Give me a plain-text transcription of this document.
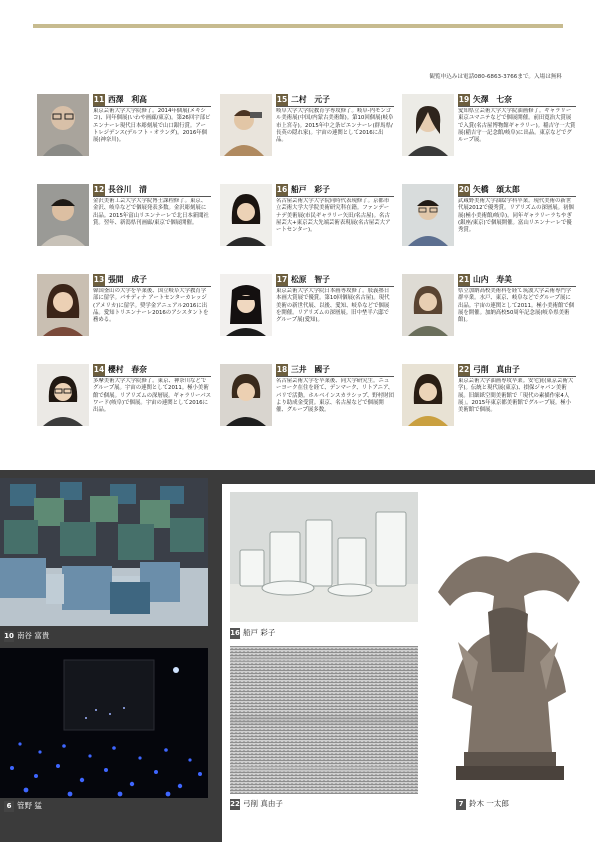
観覧申込みは電話080-6863-3766まで。入場は無料
11 西澤　利高
東京芸術大学大学院修了。2014年個展(メキシコ)、同年個展(いわや画廊/東京)。第26回宇部ビエンナーレ現代日本彫刻展で山口銀行賞。アートレジデンス(デルフト・オランダ)。2016年個展(神奈川)。
15 二村　元子
岐阜大学大学院教育学専攻修了。岐阜-内モンゴル美術展(中国/内蒙古美術館)。第10回個展(岐阜市上宮寺)。2015年中之条ビエンナーレ(群馬県/長英の隠れ家)。宇宙の連関として2016に出品。
19 矢澤　七奈
愛知県立芸術大学大学院油画修了。ギャラリー東京ユマニテなどで個展開催。前田寛治大賞展で入賞(名古屋博物館ギャラリー)。稲吉守一大賞展(稲吉守一記念館/岐阜)に出品。東京などでグループ展。
12 長谷川　清
金沢美術工芸大学大学院博士課程修了。東京、金沢、岐阜などで個展発表多数。金沢彫刻展に出品。2015年富山リエンナーレで北日本新聞社賞。翌年、新潟県刊画廊/東京で個展開催。
16 船戸　彩子
名古屋芸術大学大学院同時代表現修了。京都市立芸術大学大学院美術研究科在籍。ファンデーナデ美術展(市民ギャラリー矢田/名古屋)。名古屋芸大+東京芸大先端芸術表現展(名古屋芸大アートセンター)。
20 矢橋　頌太郎
武蔵野美術大学油絵学科卒業。現代美術の新世代展2012で優秀賞。リアリズムの深層展。初個展(極小美術館/岐阜)。同年ギャラリーラちやぎ(銀座/東京)で個展開催。富山リエンナーレで優秀賞。
13 張間　成子
韓国釜山の大学を卒業後、国立岐阜大学教育学部に留学。パサディナ アートセンターカレッジ(アメリカ)に留学。奨学金アニュアル2016に出品。愛知トリエンナーレ2016のアシスタントを務める。
17 松原　智子
東京芸術大学大学院日本画専攻修了。肢義塾日本画大賞展で優賞。第10回個展(名古屋)。現代美術の新世代展、以後、愛知、岐阜などで個展を開催。リアリズムの深層展。旧中埜半六邸でグループ展(愛知)。
21 山内　寿美
県立加納高校美術科を経て筑波大学芸術専門学群卒業。水戸、東京、岐阜などでグループ展に出品。宇宙の連関として2011。極小美術館で個展を開催。加納高校50周年記念展(岐阜県美術館)。
14 櫻村　春奈
多摩美術大学大学院修了。東京、神奈川などでグループ展。宇宙の連関として2011。極小美術館で個展。リアリズムの深層展。ギャラリーパスワード(岐阜)で個展。宇宙の連関として2016に出品。
18 三井　國子
名古屋芸術大学を卒業後、同大学研究生。ニューヨーク在住を経て、デンマーク、リトアニア、パリで活動。ホルベインスカラシップ、野村財団より助成金受賞。東京、名古屋などで個展開催、グループ展多数。
22 弓削　真由子
東京芸術大学油画専攻卒業。安宅賞(東京芸術大学)。伝統と現代展(東京)、損保ジャパン美術展。旧細紙空間美術館で「現代の素描作家4人展」。2015年東京都美術館でグループ展。極小美術館で個展。
10 南谷 富貴
6 管野 猛
16 船戸 彩子
22 弓削 真由子	7 鈴木 一太郎
